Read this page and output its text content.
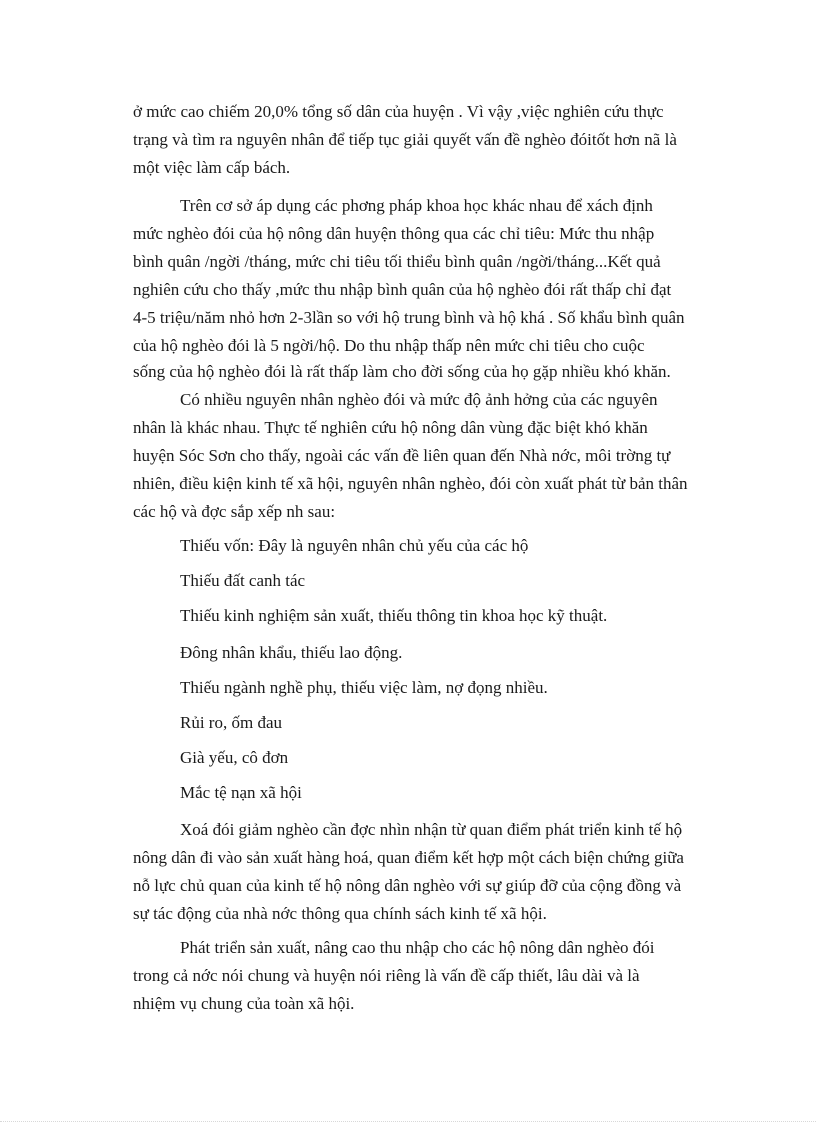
ở mức cao chiếm 20,0% tổng số dân của huyện . Vì vậy ,việc nghiên cứu thực
trạng và tìm ra nguyên nhân để tiếp tục giải quyết vấn đề nghèo đóitốt hơn nã là
một việc làm cấp bách.
Trên cơ sở áp dụng các phơng pháp khoa học khác nhau để xách định
mức nghèo đói của hộ nông dân huyện thông qua các chỉ tiêu: Mức thu nhập
bình quân /ngời /tháng, mức chi tiêu tối thiểu bình quân /ngời/tháng...Kết quả
nghiên cứu cho thấy ,mức thu nhập bình quân của hộ nghèo đói rất thấp chỉ đạt
4-5 triệu/năm nhỏ hơn 2-3lần so với hộ trung bình và hộ khá . Số khẩu bình quân
của hộ nghèo đói là 5 ngời/hộ. Do thu nhập thấp nên mức chi tiêu cho cuộc
sống của hộ nghèo đói là rất thấp làm cho đời sống của họ gặp nhiều khó khăn.
Có nhiều nguyên nhân nghèo đói và mức độ ảnh hởng của các nguyên
nhân là khác nhau. Thực tế nghiên cứu hộ nông dân vùng đặc biệt khó khăn
huyện Sóc Sơn cho thấy, ngoài các vấn đề liên quan đến Nhà nớc, môi trờng tự
nhiên, điều kiện kinh tế xã hội, nguyên nhân nghèo, đói còn xuất phát từ bản thân
các hộ và đợc sắp xếp nh sau:
Thiếu vốn: Đây là nguyên nhân chủ yếu của các hộ
Thiếu đất canh tác
Thiếu kinh nghiệm sản xuất, thiếu thông tin khoa học kỹ thuật.
Đông nhân khẩu, thiếu lao động.
Thiếu ngành nghề phụ, thiếu việc làm, nợ đọng nhiều.
Rủi ro, ốm đau
Già yếu, cô đơn
Mắc tệ nạn xã hội
Xoá đói giảm nghèo cần đợc nhìn nhận từ quan điểm phát triển kinh tế hộ
nông dân đi vào sản xuất hàng hoá, quan điểm kết hợp một cách biện chứng giữa
nỗ lực chủ quan của kinh tế hộ nông dân nghèo với sự giúp đỡ của cộng đồng và
sự tác động của nhà nớc thông qua chính sách kinh tế xã hội.
Phát triển sản xuất, nâng cao thu nhập cho các hộ nông dân nghèo đói
trong cả nớc nói chung và huyện nói riêng là vấn đề cấp thiết, lâu dài và là
nhiệm vụ chung của toàn xã hội.
